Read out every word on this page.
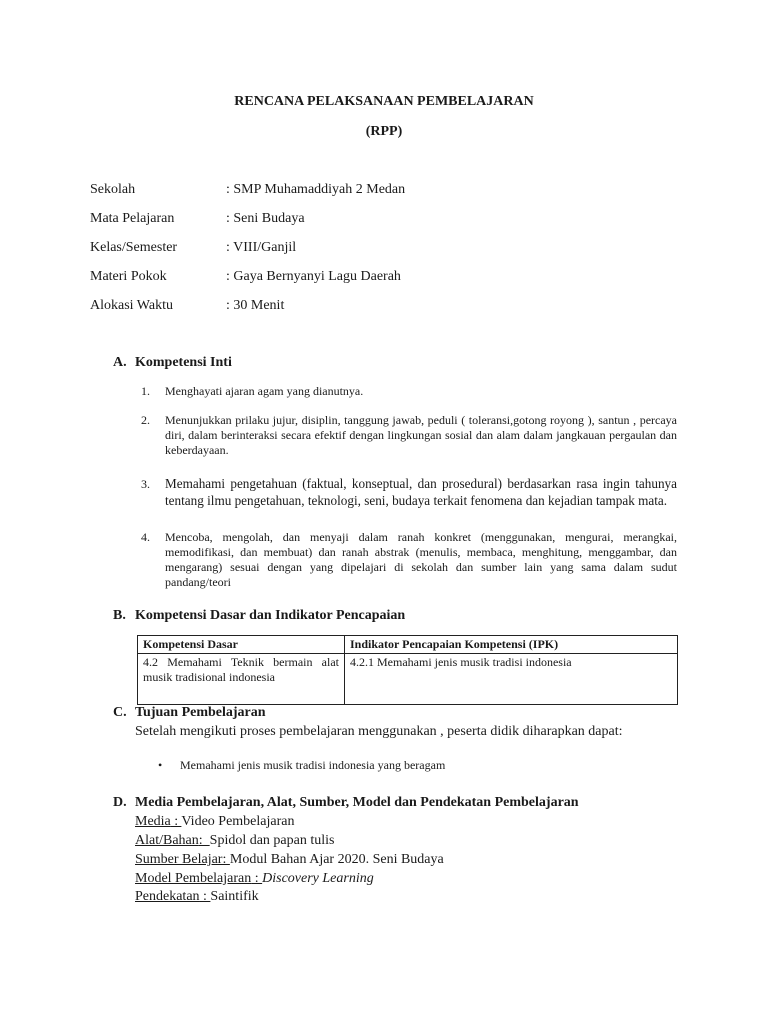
RENCANA PELAKSANAAN PEMBELAJARAN
(RPP)
Sekolah	: SMP Muhamaddiyah 2 Medan
Mata Pelajaran	: Seni Budaya
Kelas/Semester	: VIII/Ganjil
Materi Pokok	: Gaya Bernyanyi Lagu Daerah
Alokasi Waktu	: 30 Menit
A. Kompetensi Inti
1. Menghayati ajaran agam yang dianutnya.
2. Menunjukkan prilaku jujur, disiplin, tanggung jawab, peduli ( toleransi,gotong royong ), santun , percaya diri, dalam berinteraksi secara efektif dengan lingkungan sosial dan alam dalam jangkauan pergaulan dan keberdayaan.
3. Memahami pengetahuan (faktual, konseptual, dan prosedural) berdasarkan rasa ingin tahunya tentang ilmu pengetahuan, teknologi, seni, budaya terkait fenomena dan kejadian tampak mata.
4. Mencoba, mengolah, dan menyaji dalam ranah konkret (menggunakan, mengurai, merangkai, memodifikasi, dan membuat) dan ranah abstrak (menulis, membaca, menghitung, menggambar, dan mengarang) sesuai dengan yang dipelajari di sekolah dan sumber lain yang sama dalam sudut pandang/teori
B. Kompetensi Dasar dan Indikator Pencapaian
Kompetensi Dasar	Indikator Pencapaian Kompetensi (IPK)
4.2 Memahami Teknik bermain alat musik tradisional indonesia	4.2.1 Memahami jenis musik tradisi indonesia
C. Tujuan Pembelajaran
Setelah mengikuti proses pembelajaran menggunakan , peserta didik diharapkan dapat:
• Memahami jenis musik tradisi indonesia yang beragam
D. Media Pembelajaran, Alat, Sumber, Model dan Pendekatan Pembelajaran
Media : Video Pembelajaran
Alat/Bahan:  Spidol dan papan tulis
Sumber Belajar: Modul Bahan Ajar 2020. Seni Budaya
Model Pembelajaran : Discovery Learning
Pendekatan : Saintifik
